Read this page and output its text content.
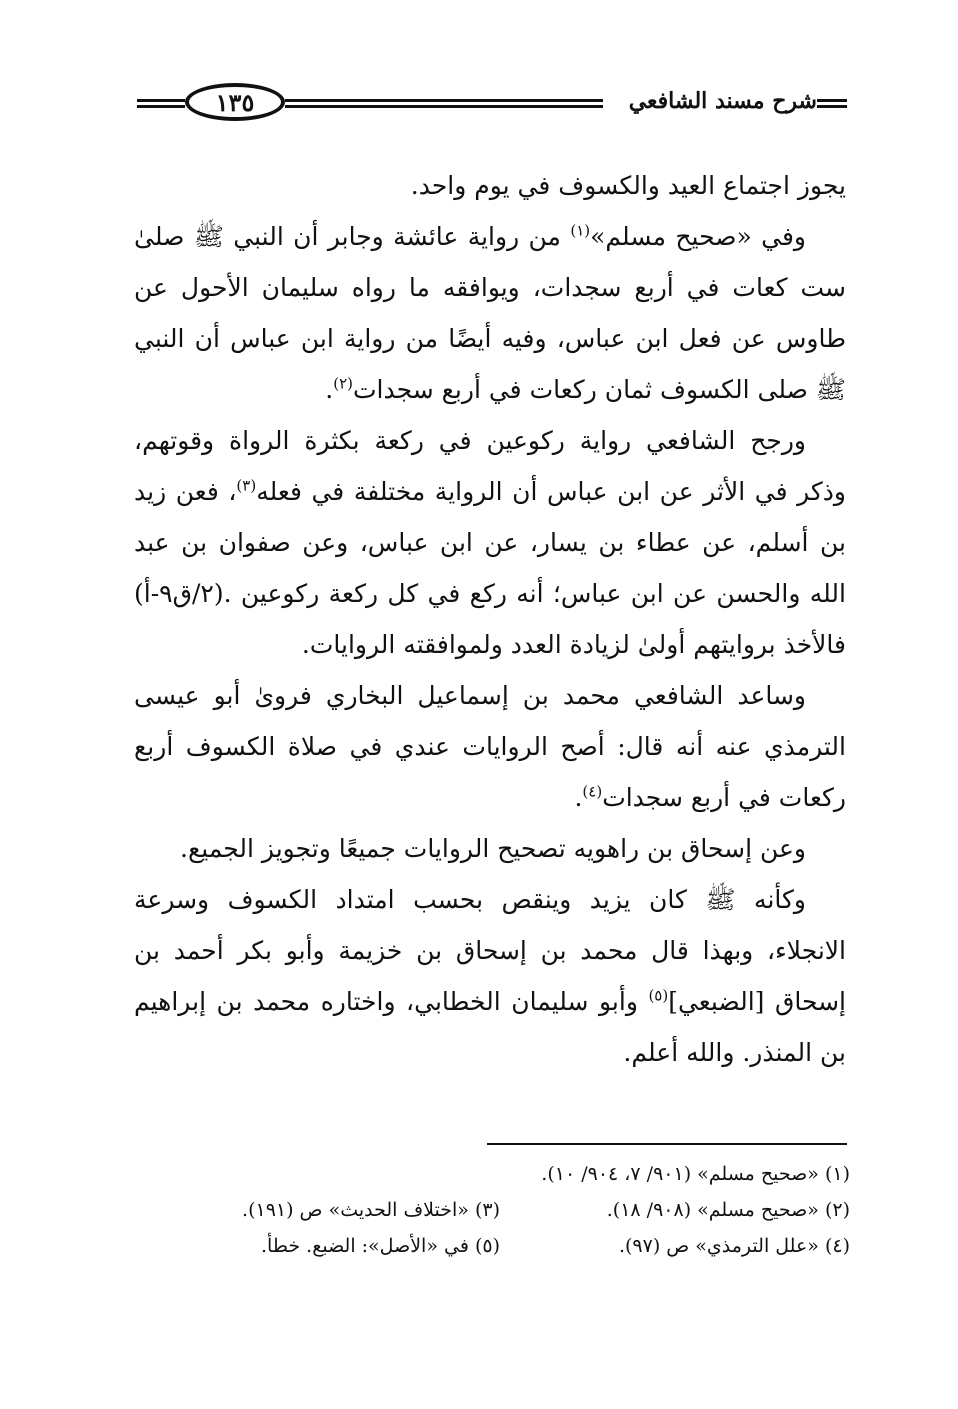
شرح مسند الشافعي
١٣٥

يجوز اجتماع العيد والكسوف في يوم واحد.

وفي «صحيح مسلم»$^{(١)}$ من رواية عائشة وجابر أن النبي ﷺ صلىٰ ست كعات في أربع سجدات، ويوافقه ما رواه سليمان الأحول عن طاوس عن فعل ابن عباس، وفيه أيضًا من رواية ابن عباس أن النبي ﷺ صلى الكسوف ثمان ركعات في أربع سجدات$^{(٢)}$.

ورجح الشافعي رواية ركوعين في ركعة بكثرة الرواة وقوتهم، وذكر في الأثر عن ابن عباس أن الرواية مختلفة في فعله$^{(٣)}$، فعن زيد بن أسلم، عن عطاء بن يسار، عن ابن عباس، وعن صفوان بن عبد الله والحسن عن ابن عباس؛ أنه ركع في كل ركعة ركوعين .(٢/ق٩-أ) فالأخذ بروايتهم أولىٰ لزيادة العدد ولموافقته الروايات.

وساعد الشافعي محمد بن إسماعيل البخاري فروىٰ أبو عيسى الترمذي عنه أنه قال: أصح الروايات عندي في صلاة الكسوف أربع ركعات في أربع سجدات$^{(٤)}$.

وعن إسحاق بن راهويه تصحيح الروايات جميعًا وتجويز الجميع.

وكأنه ﷺ كان يزيد وينقص بحسب امتداد الكسوف وسرعة الانجلاء، وبهذا قال محمد بن إسحاق بن خزيمة وأبو بكر أحمد بن إسحاق [الضبعي]$^{(٥)}$ وأبو سليمان الخطابي، واختاره محمد بن إبراهيم بن المنذر. والله أعلم.

(١) «صحيح مسلم» (٩٠١/ ٧، ٩٠٤/ ١٠).
(٢) «صحيح مسلم» (٩٠٨/ ١٨).
(٣) «اختلاف الحديث» ص (١٩١).
(٤) «علل الترمذي» ص (٩٧).
(٥) في «الأصل»: الضبع. خطأ.
